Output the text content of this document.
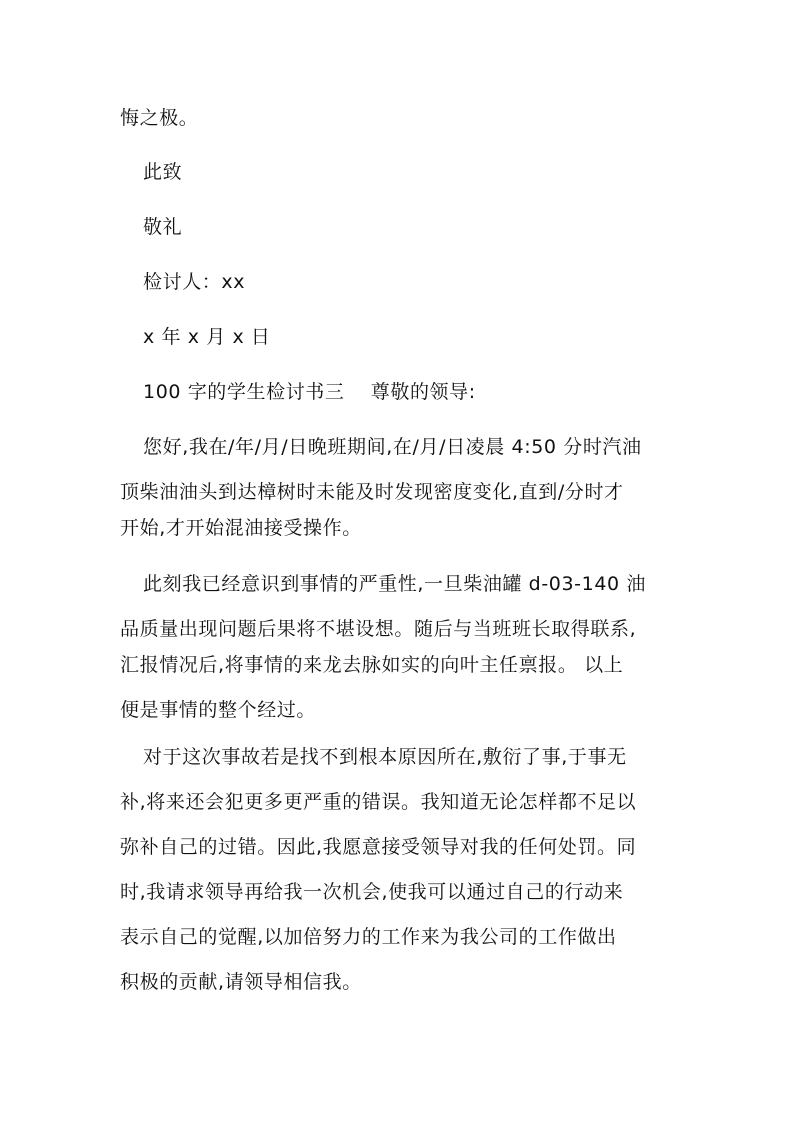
悔之极。
此致
敬礼
检讨人：xx
x 年 x 月 x 日
100 字的学生检讨书三　 尊敬的领导:
您好,我在/年/月/日晚班期间,在/月/日凌晨 4:50 分时汽油
顶柴油油头到达樟树时未能及时发现密度变化,直到/分时才
开始,才开始混油接受操作。
此刻我已经意识到事情的严重性,一旦柴油罐 d-03-140 油
品质量出现问题后果将不堪设想。随后与当班班长取得联系,
汇报情况后,将事情的来龙去脉如实的向叶主任禀报。 以上
便是事情的整个经过。
对于这次事故若是找不到根本原因所在,敷衍了事,于事无
补,将来还会犯更多更严重的错误。我知道无论怎样都不足以
弥补自己的过错。因此,我愿意接受领导对我的任何处罚。同
时,我请求领导再给我一次机会,使我可以通过自己的行动来
表示自己的觉醒,以加倍努力的工作来为我公司的工作做出
积极的贡献,请领导相信我。
